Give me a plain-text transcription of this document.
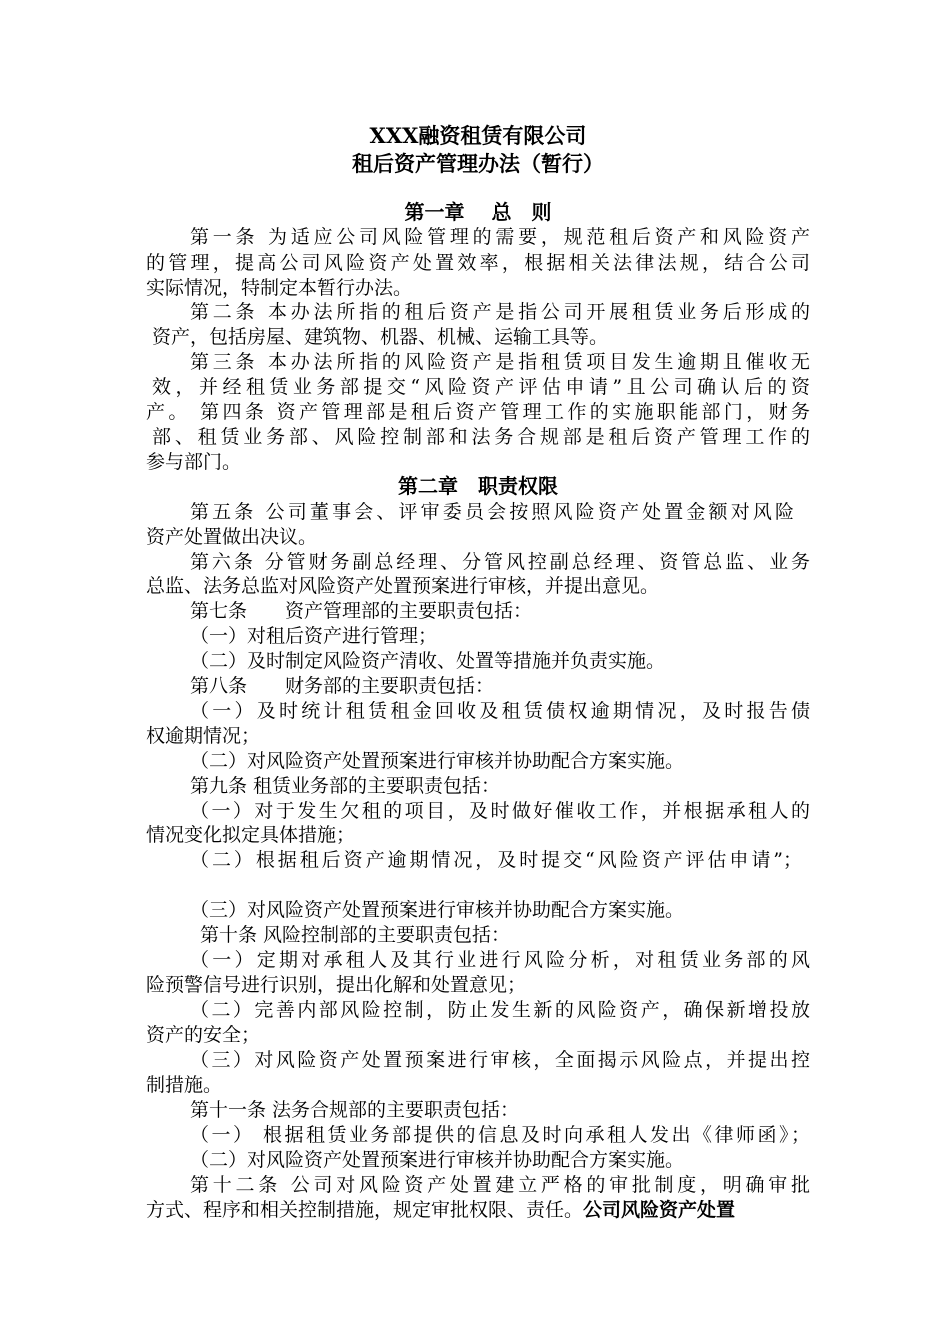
XXX融资租赁有限公司
租后资产管理办法（暂行）
第一章　 总　则
第一条 为适应公司风险管理的需要，规范租后资产和风险资产
的管理，提高公司风险资产处置效率，根据相关法律法规，结合公司
实际情况，特制定本暂行办法。
第二条 本办法所指的租后资产是指公司开展租赁业务后形成的
资产，包括房屋、建筑物、机器、机械、运输工具等。
第三条 本办法所指的风险资产是指租赁项目发生逾期且催收无
效，并经租赁业务部提交“风险资产评估申请”且公司确认后的资
产。 第四条 资产管理部是租后资产管理工作的实施职能部门，财务
部、租赁业务部、风险控制部和法务合规部是租后资产管理工作的
参与部门。
第二章　职责权限
第五条 公司董事会、评审委员会按照风险资产处置金额对风险
资产处置做出决议。
第六条 分管财务副总经理、分管风控副总经理、资管总监、业务
总监、法务总监对风险资产处置预案进行审核，并提出意见。
第七条　　资产管理部的主要职责包括：
（一）对租后资产进行管理；
（二）及时制定风险资产清收、处置等措施并负责实施。
第八条　　财务部的主要职责包括：
（一）及时统计租赁租金回收及租赁债权逾期情况，及时报告债
权逾期情况；
（二）对风险资产处置预案进行审核并协助配合方案实施。
第九条 租赁业务部的主要职责包括：
（一）对于发生欠租的项目，及时做好催收工作，并根据承租人的
情况变化拟定具体措施；
（二）根据租后资产逾期情况，及时提交“风险资产评估申请”；
（三）对风险资产处置预案进行审核并协助配合方案实施。
第十条 风险控制部的主要职责包括：
（一）定期对承租人及其行业进行风险分析，对租赁业务部的风
险预警信号进行识别，提出化解和处置意见；
（二）完善内部风险控制，防止发生新的风险资产，确保新增投放
资产的安全；
（三）对风险资产处置预案进行审核，全面揭示风险点，并提出控
制措施。
第十一条 法务合规部的主要职责包括：
（一） 根据租赁业务部提供的信息及时向承租人发出《律师函》；
（二）对风险资产处置预案进行审核并协助配合方案实施。
第十二条 公司对风险资产处置建立严格的审批制度，明确审批
方式、程序和相关控制措施，规定审批权限、责任。公司风险资产处置
